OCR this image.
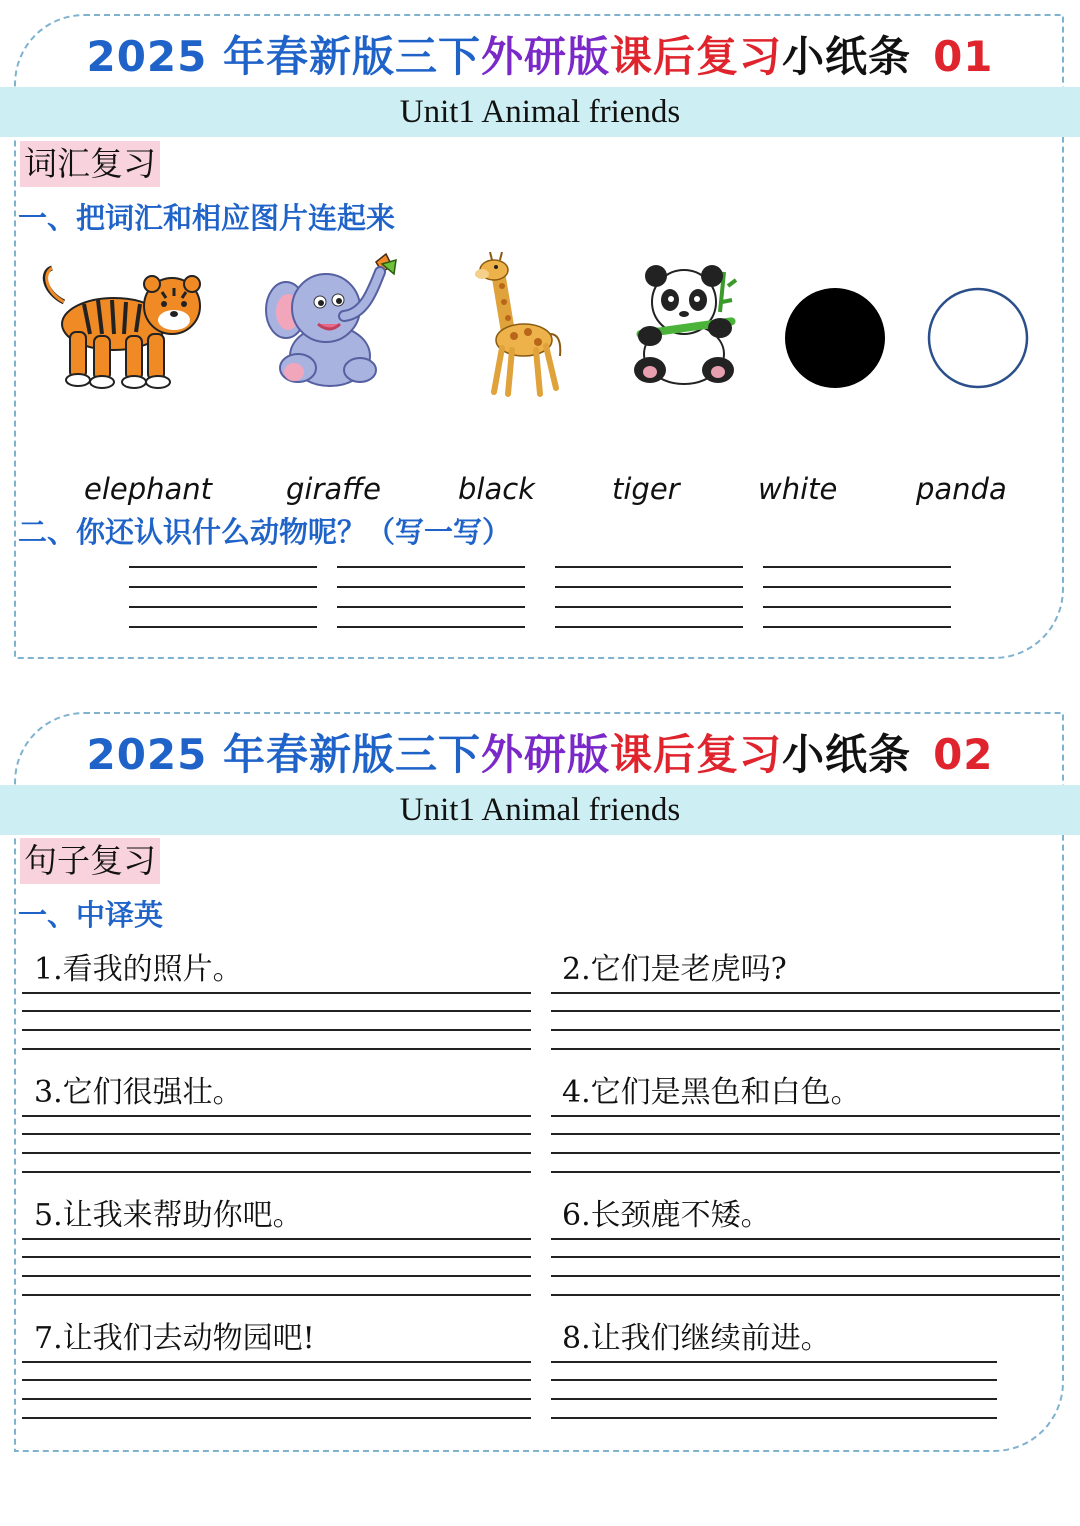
2025 年春新版三下外研版课后复习小纸条 01
Unit1 Animal friends
词汇复习
一、把词汇和相应图片连起来
elephant	giraffe	black	tiger	white	panda
二、你还认识什么动物呢？（写一写）
2025 年春新版三下外研版课后复习小纸条 02
Unit1 Animal friends
句子复习
一、中译英
1.看我的照片。	2.它们是老虎吗?
3.它们很强壮。	4.它们是黑色和白色。
5.让我来帮助你吧。	6.长颈鹿不矮。
7.让我们去动物园吧!	8.让我们继续前进。
